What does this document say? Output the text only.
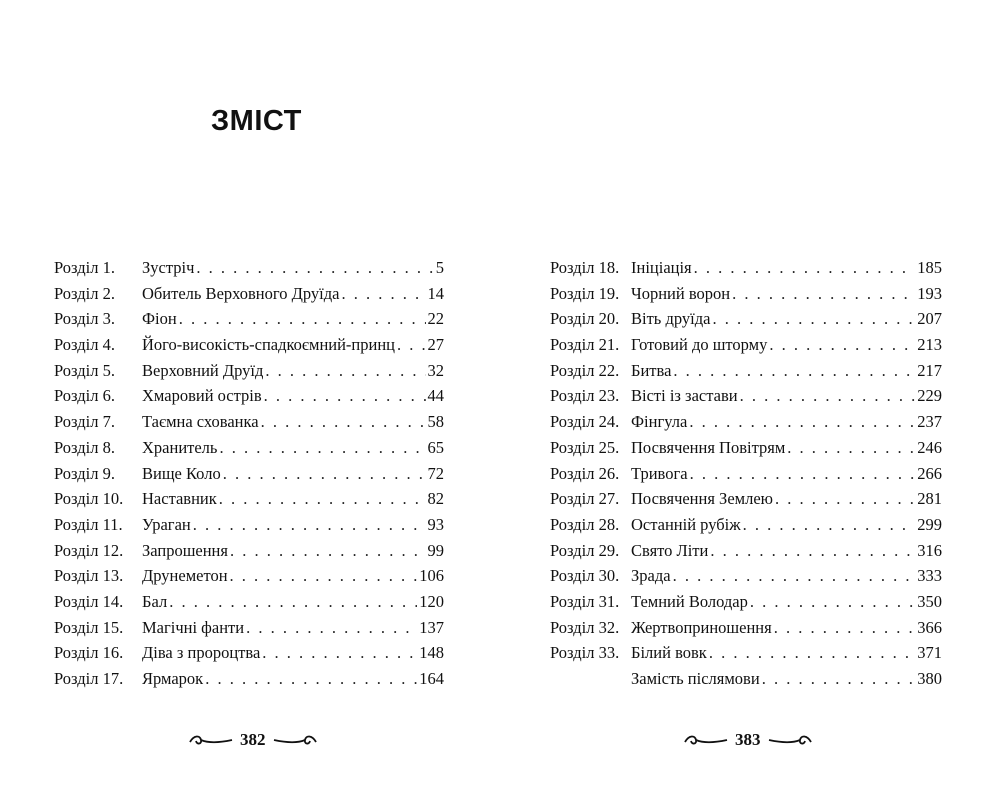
ЗМІСТ
Розділ 1.	Зустріч . . .	5
Розділ 2.	Обитель Верховного Друїда . . .	14
Розділ 3.	Фіон . . .	22
Розділ 4.	Його-високість-спадкоємний-принц . . . 27
Розділ 5.	Верховний Друїд . . .	32
Розділ 6.	Хмаровий острів . . .	44
Розділ 7.	Таємна схованка . . .	58
Розділ 8.	Хранитель . . .	65
Розділ 9.	Вище Коло . . .	72
Розділ 10.	Наставник . . .	82
Розділ 11.	Ураган . . .	93
Розділ 12.	Запрошення . . .	99
Розділ 13.	Друнеметон . . .	106
Розділ 14.	Бал . . .	120
Розділ 15.	Магічні фанти . . .	137
Розділ 16.	Діва з пророцтва . . .	148
Розділ 17.	Ярмарок . . .	164
Розділ 18. Ініціація . . .	185
Розділ 19. Чорний ворон . . .	193
Розділ 20. Віть друїда . . .	207
Розділ 21. Готовий до шторму . . .	213
Розділ 22. Битва . . .	217
Розділ 23. Вісті із застави . . .	229
Розділ 24. Фінгула . . .	237
Розділ 25. Посвячення Повітрям . . .	246
Розділ 26. Тривога . . .	266
Розділ 27. Посвячення Землею . . .	281
Розділ 28. Останній рубіж . . .	299
Розділ 29. Свято Літи . . .	316
Розділ 30. Зрада . . .	333
Розділ 31. Темний Володар . . .	350
Розділ 32. Жертвоприношення . . .	366
Розділ 33. Білий вовк . . .	371
Замість післямови . . .	380
382	383
